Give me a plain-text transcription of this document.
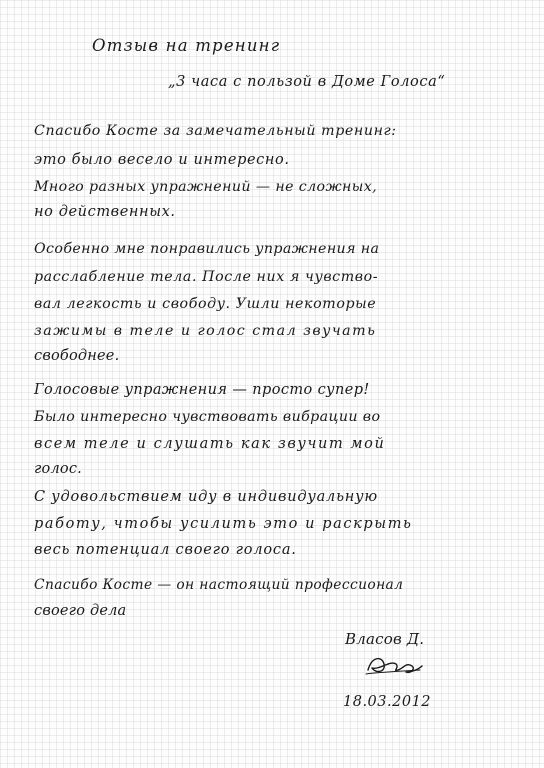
Отзыв на тренинг
„3 часа с пользой в Доме Голоса“
Спасибо Косте за замечательный тренинг:
это было весело и интересно.
Много разных упражнений — не сложных,
но действенных.
Особенно мне понравились упражнения на
расслабление тела. После них я чувство-
вал легкость и свободу. Ушли некоторые
зажимы в теле и голос стал звучать
свободнее.
Голосовые упражнения — просто супер!
Было интересно чувствовать вибрации во
всем теле и слушать как звучит мой
голос.
С удовольствием иду в индивидуальную
работу, чтобы усилить это и раскрыть
весь потенциал своего голоса.
Спасибо Косте — он настоящий профессионал
своего дела
Власов Д.
18.03.2012
